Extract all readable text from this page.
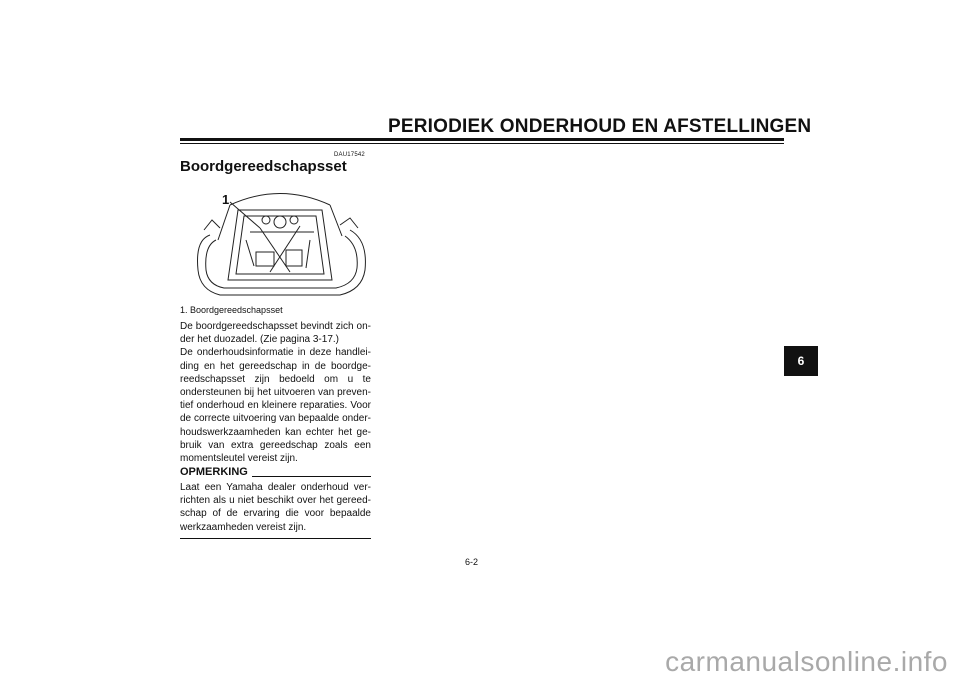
PERIODIEK ONDERHOUD EN AFSTELLINGEN
DAU17542
Boordgereedschapsset
1
1. Boordgereedschapsset

De boordgereedschapsset bevindt zich on-der het duozadel. (Zie pagina 3-17.)

De onderhoudsinformatie in deze handlei-ding en het gereedschap in de boordge-reedschapsset zijn bedoeld om u te ondersteunen bij het uitvoeren van preven-tief onderhoud en kleinere reparaties. Voor de correcte uitvoering van bepaalde onder-houdswerkzaamheden kan echter het ge-bruik van extra gereedschap zoals een momentsleutel vereist zijn.

OPMERKING
Laat een Yamaha dealer onderhoud ver-richten als u niet beschikt over het gereed-schap of de ervaring die voor bepaalde werkzaamheden vereist zijn.
6-2
6
carmanualsonline.info
